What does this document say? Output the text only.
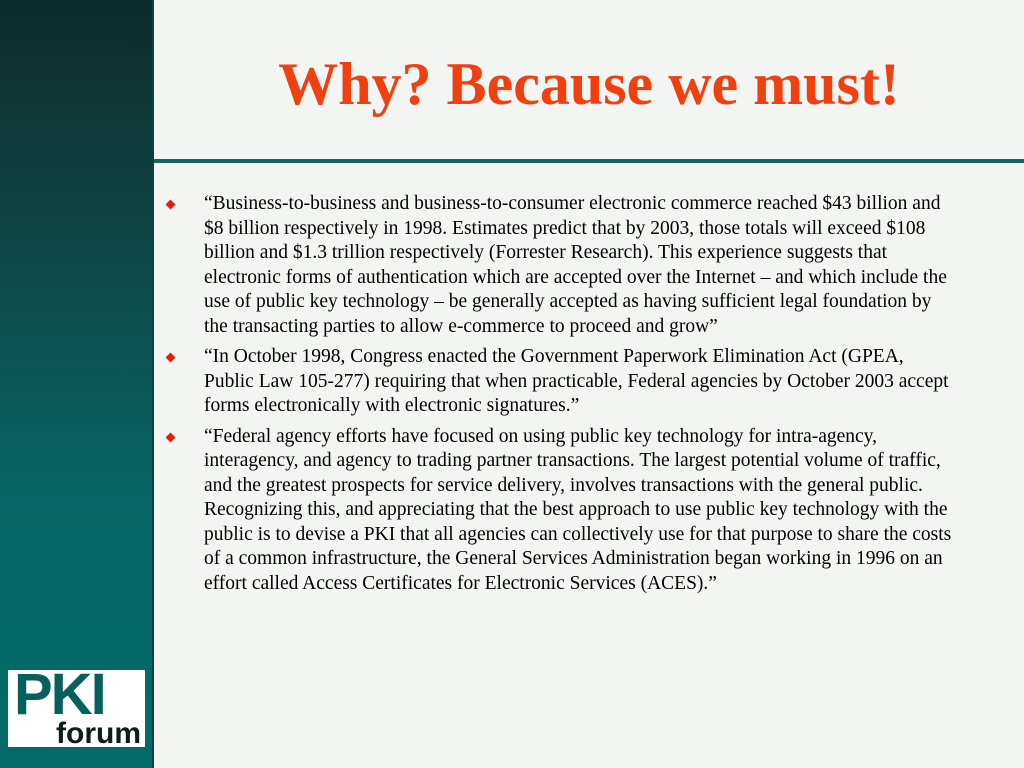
Why? Because we must!
“Business-to-business and business-to-consumer electronic commerce reached $43 billion and $8 billion respectively in 1998. Estimates predict that by 2003, those totals will exceed $108 billion and $1.3 trillion respectively (Forrester Research). This experience suggests that electronic forms of authentication which are accepted over the Internet – and which include the use of public key technology – be generally accepted as having sufficient legal foundation by the transacting parties to allow e-commerce to proceed and grow”
“In October 1998, Congress enacted the Government Paperwork Elimination Act (GPEA, Public Law 105-277) requiring that when practicable, Federal agencies by October 2003 accept forms electronically with electronic signatures.”
“Federal agency efforts have focused on using public key technology for intra-agency, interagency, and agency to trading partner transactions. The largest potential volume of traffic, and the greatest prospects for service delivery, involves transactions with the general public. Recognizing this, and appreciating that the best approach to use public key technology with the public is to devise a PKI that all agencies can collectively use for that purpose to share the costs of a common infrastructure, the General Services Administration began working in 1996 on an effort called Access Certificates for Electronic Services (ACES).”
PKI
forum
